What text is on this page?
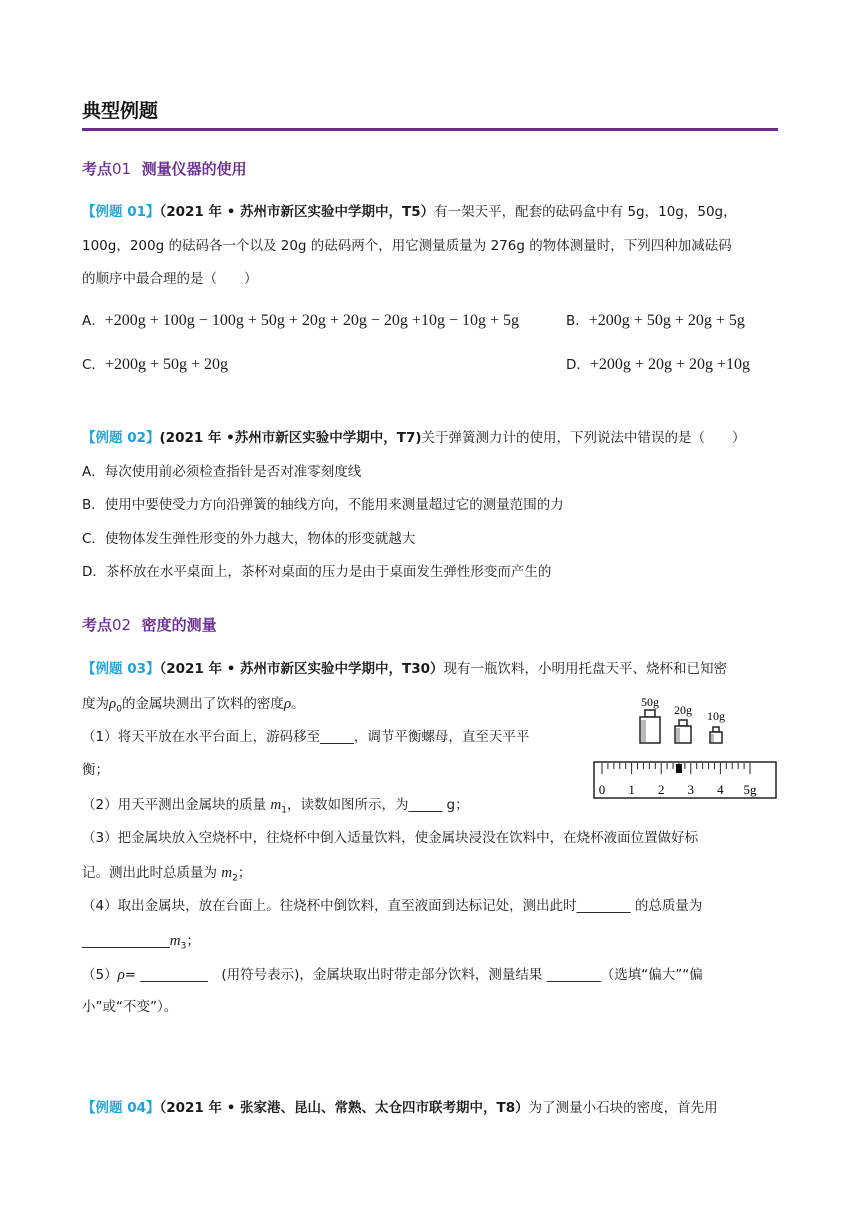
典型例题
考点01 测量仪器的使用
【例题 01】（2021 年 • 苏州市新区实验中学期中，T5）有一架天平，配套的砝码盒中有 5g，10g，50g，
100g，200g 的砝码各一个以及 20g 的砝码两个，用它测量质量为 276g 的物体测量时，下列四种加减砝码
的顺序中最合理的是（　　）
A．+200g + 100g − 100g + 50g + 20g + 20g − 20g +10g − 10g + 5g	B．+200g + 50g + 20g + 5g
C．+200g + 50g + 20g	D．+200g + 20g + 20g +10g
【例题 02】(2021 年 •苏州市新区实验中学期中，T7)关于弹簧测力计的使用，下列说法中错误的是（　　）
A．每次使用前必须检查指针是否对准零刻度线
B．使用中要使受力方向沿弹簧的轴线方向，不能用来测量超过它的测量范围的力
C．使物体发生弹性形变的外力越大，物体的形变就越大
D．茶杯放在水平桌面上，茶杯对桌面的压力是由于桌面发生弹性形变而产生的
考点02 密度的测量
【例题 03】（2021 年 • 苏州市新区实验中学期中，T30）现有一瓶饮料，小明用托盘天平、烧杯和已知密
度为$\rho_0$的金属块测出了饮料的密度ρ。
（1）将天平放在水平台面上，游码移至_____，调节平衡螺母，直至天平平
衡；
（2）用天平测出金属块的质量 $m_1$，读数如图所示，为_____ g；
（3）把金属块放入空烧杯中，往烧杯中倒入适量饮料，使金属块浸没在饮料中，在烧杯液面位置做好标
记。测出此时总质量为 $m_2$；
（4）取出金属块，放在台面上。往烧杯中倒饮料，直至液面到达标记处，测出此时________ 的总质量为
$\_\_\_\_\_\_\_\_\_\_\_\_\_m_3$；
（5）ρ= __________　(用符号表示)，金属块取出时带走部分饮料，测量结果 ________（选填“偏大”“偏
小”或“不变”）。
50g
20g 10g
0 1 2 3 4 5g
【例题 04】（2021 年 • 张家港、昆山、常熟、太仓四市联考期中，T8）为了测量小石块的密度，首先用
